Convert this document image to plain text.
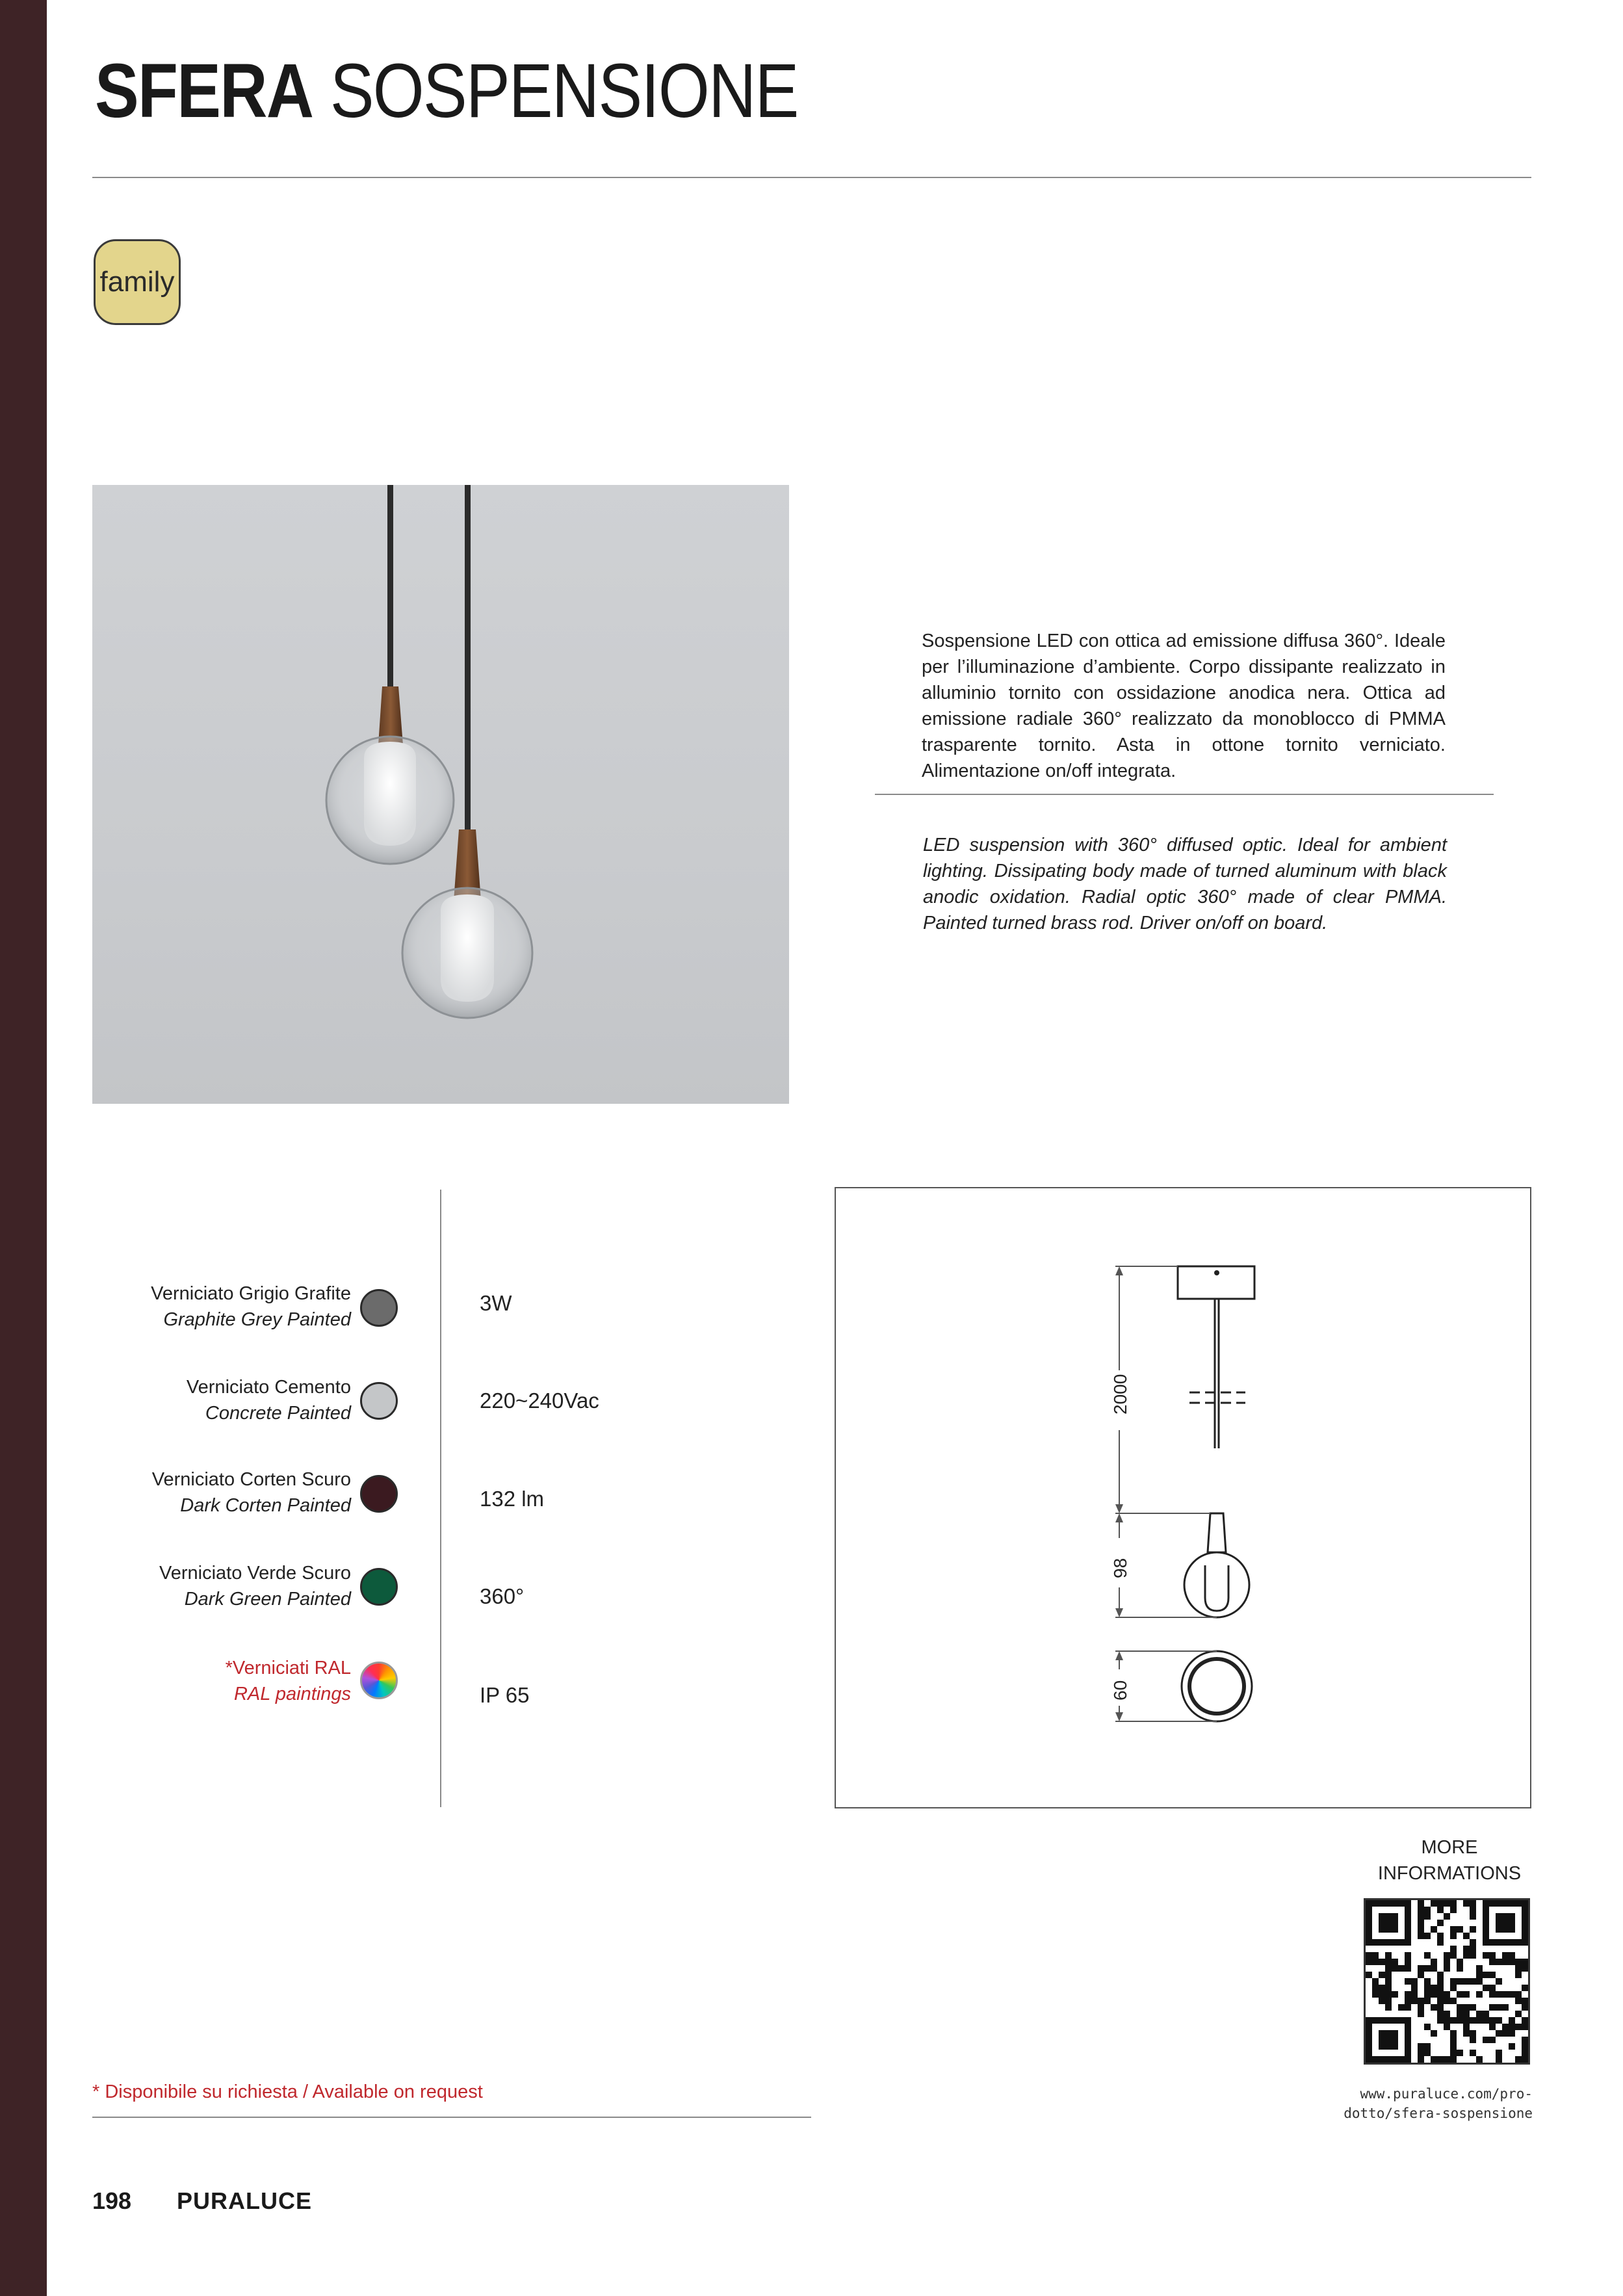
SFERA SOSPENSIONE
family
Sospensione LED con ottica ad emissione diffusa 360°. Ideale per l’illuminazione d’ambiente. Corpo dissipante realizzato in alluminio tornito con ossidazione anodica nera. Ottica ad emissione radiale 360° realizzato da monoblocco di PMMA trasparente tornito. Asta in ottone tornito verniciato. Alimentazione on/off integrata.
LED suspension with 360° diffused optic. Ideal for ambient lighting. Dissipating body made of turned aluminum with black anodic oxidation. Radial optic 360° made of clear PMMA. Painted turned brass rod. Driver on/off on board.
Verniciato Grigio Grafite
Graphite Grey Painted
Verniciato Cemento
Concrete Painted
Verniciato Corten Scuro
Dark Corten Painted
Verniciato Verde Scuro
Dark Green Painted
*Verniciati RAL
RAL paintings
3W
220~240Vac
132 lm
360°
IP 65
2000
98
60
MORE
INFORMATIONS
www.puraluce.com/pro-
dotto/sfera-sospensione
* Disponibile su richiesta / Available on request
198 PURALUCE
